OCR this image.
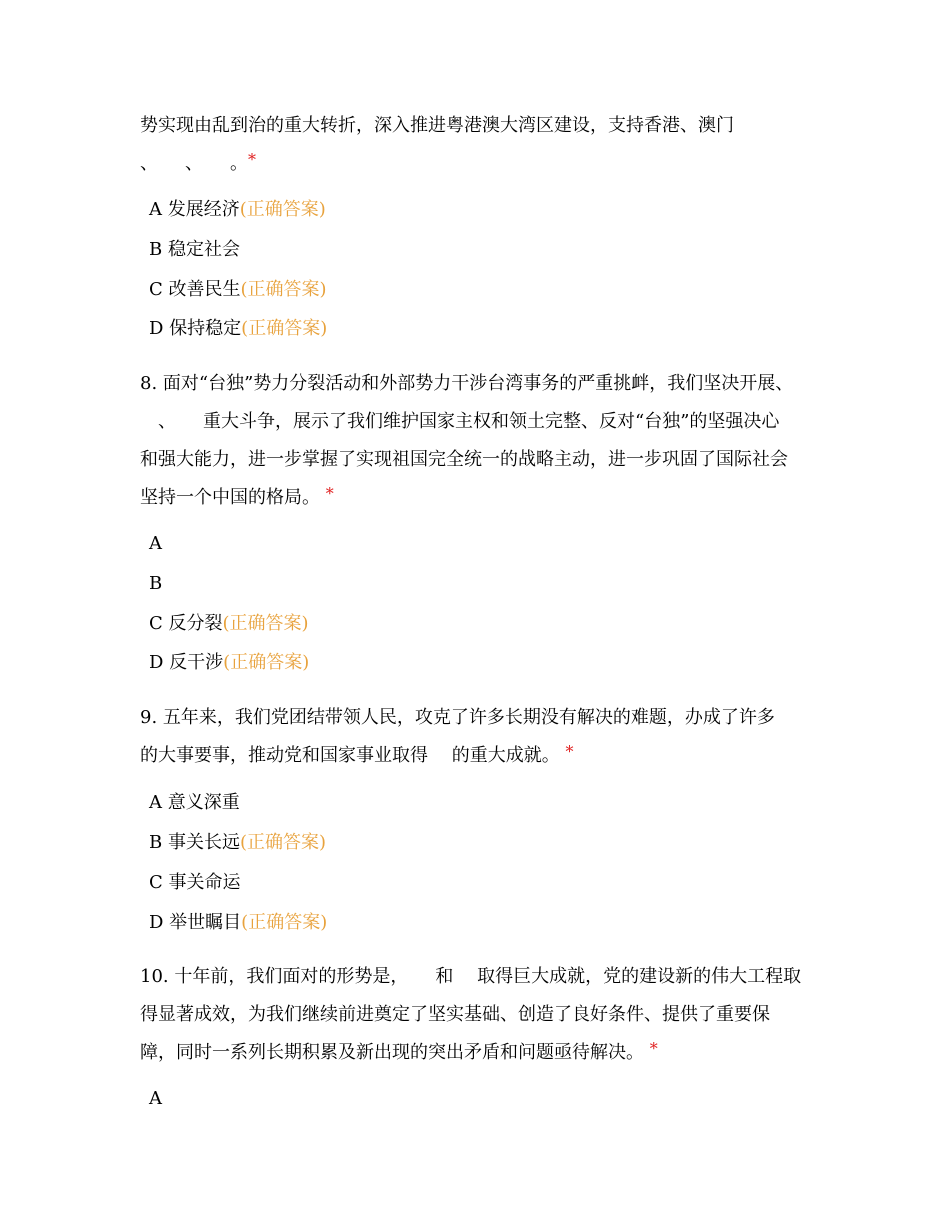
势实现由乱到治的重大转折，深入推进粤港澳大湾区建设，支持香港、澳门
、　　、　　。*
A 发展经济(正确答案)
B 稳定社会
C 改善民生(正确答案)
D 保持稳定(正确答案)
8. 面对“台独”势力分裂活动和外部势力干涉台湾事务的严重挑衅，我们坚决开展、
　、　　重大斗争，展示了我们维护国家主权和领土完整、反对“台独”的坚强决心
和强大能力，进一步掌握了实现祖国完全统一的战略主动，进一步巩固了国际社会
坚持一个中国的格局。 *
A
B
C 反分裂(正确答案)
D 反干涉(正确答案)
9. 五年来，我们党团结带领人民，攻克了许多长期没有解决的难题，办成了许多
的大事要事，推动党和国家事业取得　 的重大成就。 *
A 意义深重
B 事关长远(正确答案)
C 事关命运
D 举世瞩目(正确答案)
10. 十年前，我们面对的形势是，　　和　 取得巨大成就，党的建设新的伟大工程取
得显著成效，为我们继续前进奠定了坚实基础、创造了良好条件、提供了重要保
障，同时一系列长期积累及新出现的突出矛盾和问题亟待解决。 *
A
